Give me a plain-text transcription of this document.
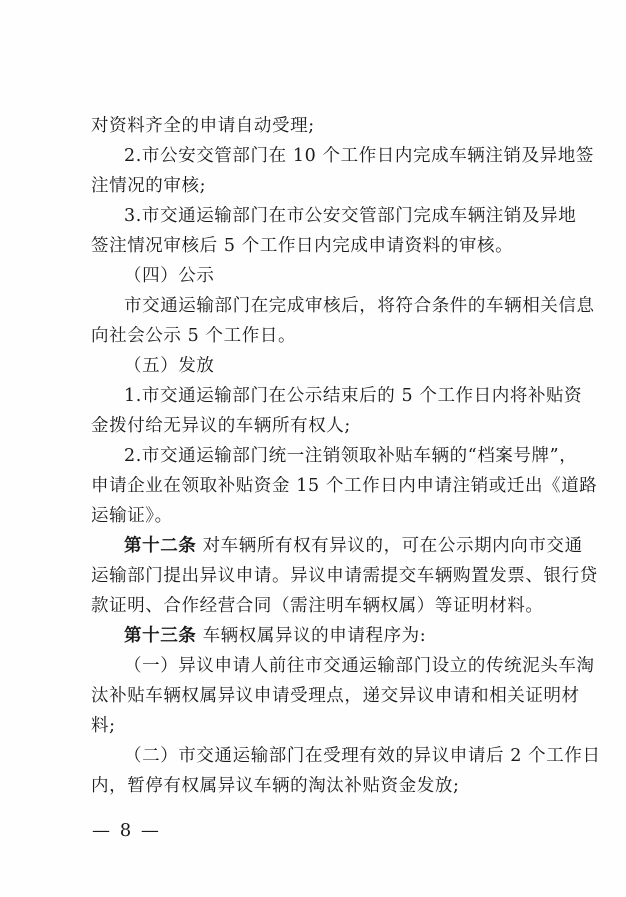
对资料齐全的申请自动受理;
2.市公安交管部门在 10 个工作日内完成车辆注销及异地签
注情况的审核;
3.市交通运输部门在市公安交管部门完成车辆注销及异地
签注情况审核后 5 个工作日内完成申请资料的审核。
（四）公示
市交通运输部门在完成审核后，将符合条件的车辆相关信息
向社会公示 5 个工作日。
（五）发放
1.市交通运输部门在公示结束后的 5 个工作日内将补贴资
金拨付给无异议的车辆所有权人;
2.市交通运输部门统一注销领取补贴车辆的“档案号牌”，
申请企业在领取补贴资金 15 个工作日内申请注销或迁出《道路
运输证》。
第十二条 对车辆所有权有异议的，可在公示期内向市交通
运输部门提出异议申请。异议申请需提交车辆购置发票、银行贷
款证明、合作经营合同（需注明车辆权属）等证明材料。
第十三条 车辆权属异议的申请程序为:
（一）异议申请人前往市交通运输部门设立的传统泥头车淘
汰补贴车辆权属异议申请受理点，递交异议申请和相关证明材
料;
（二）市交通运输部门在受理有效的异议申请后 2 个工作日
内，暂停有权属异议车辆的淘汰补贴资金发放;
— 8 —
